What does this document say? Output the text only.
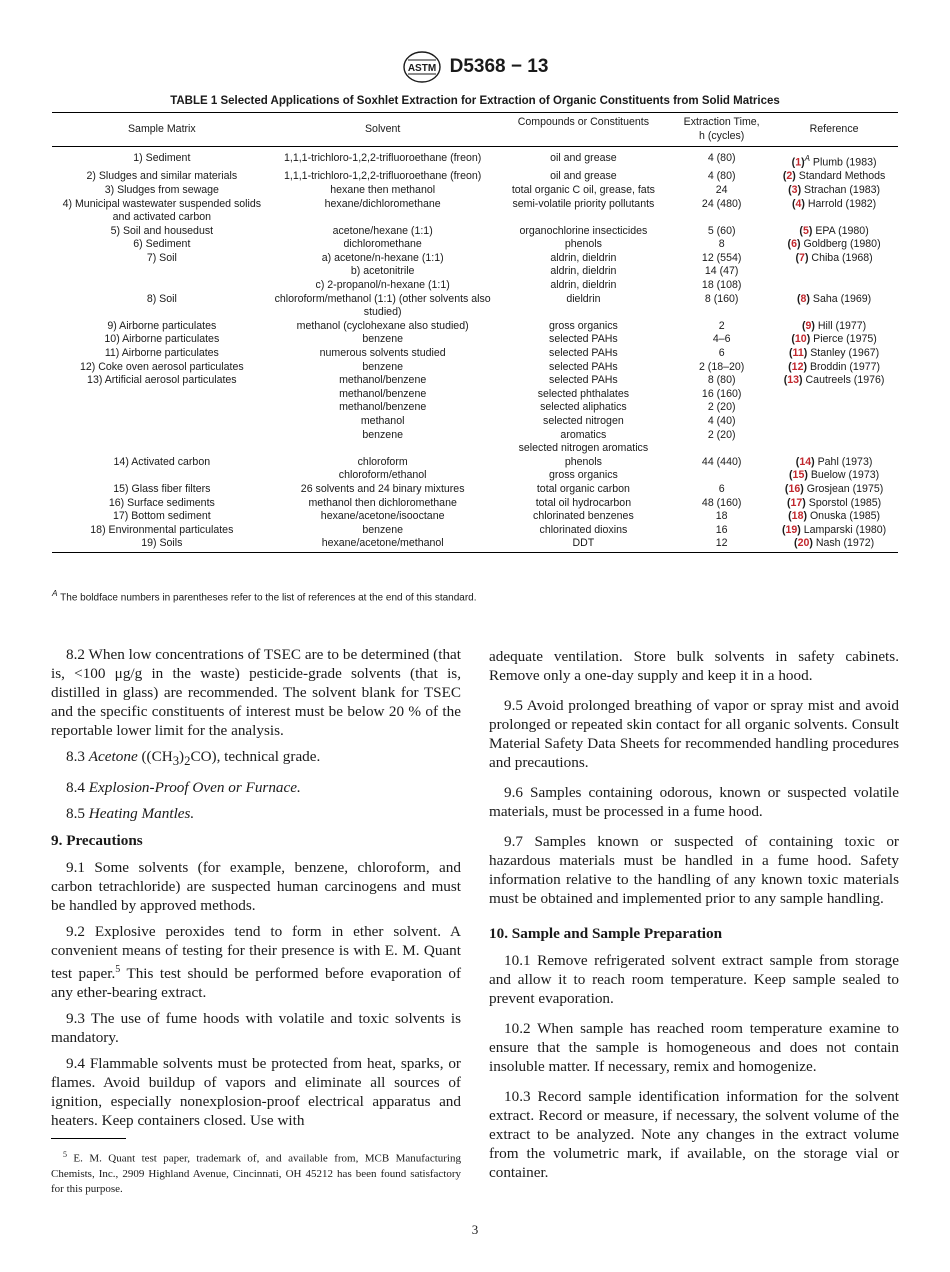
ASTM D5368 − 13
TABLE 1 Selected Applications of Soxhlet Extraction for Extraction of Organic Constituents from Solid Matrices
Sample Matrix	Solvent	Compounds or Constituents	Extraction Time,
h (cycles)	Reference
1) Sediment	1,1,1-trichloro-1,2,2-trifluoroethane (freon)	oil and grease	4 (80)	$(1)^A$ Plumb (1983)
2) Sludges and similar materials	1,1,1-trichloro-1,2,2-trifluoroethane (freon)	oil and grease	4 (80)	(2) Standard Methods
3) Sludges from sewage	hexane then methanol	total organic C oil, grease, fats	24	(3) Strachan (1983)
4) Municipal wastewater suspended solids and activated carbon	hexane/dichloromethane	semi-volatile priority pollutants	24 (480)	(4) Harrold (1982)
5) Soil and housedust	acetone/hexane (1:1)	organochlorine insecticides	5 (60)	(5) EPA (1980)
6) Sediment	dichloromethane	phenols	8	(6) Goldberg (1980)
7) Soil	a) acetone/n-hexane (1:1)	aldrin, dieldrin	12 (554)	(7) Chiba (1968)
	b) acetonitrile	aldrin, dieldrin	14 (47)	
	c) 2-propanol/n-hexane (1:1)	aldrin, dieldrin	18 (108)	
8) Soil	chloroform/methanol (1:1) (other solvents also studied)	dieldrin	8 (160)	(8) Saha (1969)
9) Airborne particulates	methanol (cyclohexane also studied)	gross organics	2	(9) Hill (1977)
10) Airborne particulates	benzene	selected PAHs	4–6	(10) Pierce (1975)
11) Airborne particulates	numerous solvents studied	selected PAHs	6	(11) Stanley (1967)
12) Coke oven aerosol particulates	benzene	selected PAHs	2 (18–20)	(12) Broddin (1977)
13) Artificial aerosol particulates	methanol/benzene	selected PAHs	8 (80)	(13) Cautreels (1976)
	methanol/benzene	selected phthalates	16 (160)	
	methanol/benzene	selected aliphatics	2 (20)	
	methanol	selected nitrogen	4 (40)	
	benzene	aromatics	2 (20)	
		selected nitrogen aromatics		
14) Activated carbon	chloroform	phenols	44 (440)	(14) Pahl (1973)
	chloroform/ethanol	gross organics		(15) Buelow (1973)
15) Glass fiber filters	26 solvents and 24 binary mixtures	total organic carbon	6	(16) Grosjean (1975)
16) Surface sediments	methanol then dichloromethane	total oil hydrocarbon	48 (160)	(17) Sporstol (1985)
17) Bottom sediment	hexane/acetone/isooctane	chlorinated benzenes	18	(18) Onuska (1985)
18) Environmental particulates	benzene	chlorinated dioxins	16	(19) Lamparski (1980)
19) Soils	hexane/acetone/methanol	DDT	12	(20) Nash (1972)
$^A$ The boldface numbers in parentheses refer to the list of references at the end of this standard.

8.2 When low concentrations of TSEC are to be determined (that is, <100 μg/g in the waste) pesticide-grade solvents (that is, distilled in glass) are recommended. The solvent blank for TSEC and the specific constituents of interest must be below 20 % of the reportable lower limit for the analysis.

8.3 Acetone $((CH_3)_2CO)$, technical grade.

8.4 Explosion-Proof Oven or Furnace.

8.5 Heating Mantles.

9. Precautions

9.1 Some solvents (for example, benzene, chloroform, and carbon tetrachloride) are suspected human carcinogens and must be handled by approved methods.

9.2 Explosive peroxides tend to form in ether solvent. A convenient means of testing for their presence is with E. M. Quant test paper.$^5$ This test should be performed before evaporation of any ether-bearing extract.

9.3 The use of fume hoods with volatile and toxic solvents is mandatory.

9.4 Flammable solvents must be protected from heat, sparks, or flames. Avoid buildup of vapors and eliminate all sources of ignition, especially nonexplosion-proof electrical apparatus and heaters. Keep containers closed. Use with

adequate ventilation. Store bulk solvents in safety cabinets. Remove only a one-day supply and keep it in a hood.

9.5 Avoid prolonged breathing of vapor or spray mist and avoid prolonged or repeated skin contact for all organic solvents. Consult Material Safety Data Sheets for recommended handling procedures and precautions.

9.6 Samples containing odorous, known or suspected volatile materials, must be processed in a fume hood.

9.7 Samples known or suspected of containing toxic or hazardous materials must be handled in a fume hood. Safety information relative to the handling of any known toxic materials must be obtained and implemented prior to any sample handling.

10. Sample and Sample Preparation

10.1 Remove refrigerated solvent extract sample from storage and allow it to reach room temperature. Keep sample sealed to prevent evaporation.

10.2 When sample has reached room temperature examine to ensure that the sample is homogeneous and does not contain insoluble matter. If necessary, remix and homogenize.

10.3 Record sample identification information for the solvent extract. Record or measure, if necessary, the solvent volume of the extract to be analyzed. Note any changes in the extract volume from the volumetric mark, if available, on the storage vial or container.

$^5$ E. M. Quant test paper, trademark of, and available from, MCB Manufacturing Chemists, Inc., 2909 Highland Avenue, Cincinnati, OH 45212 has been found satisfactory for this purpose.
3
